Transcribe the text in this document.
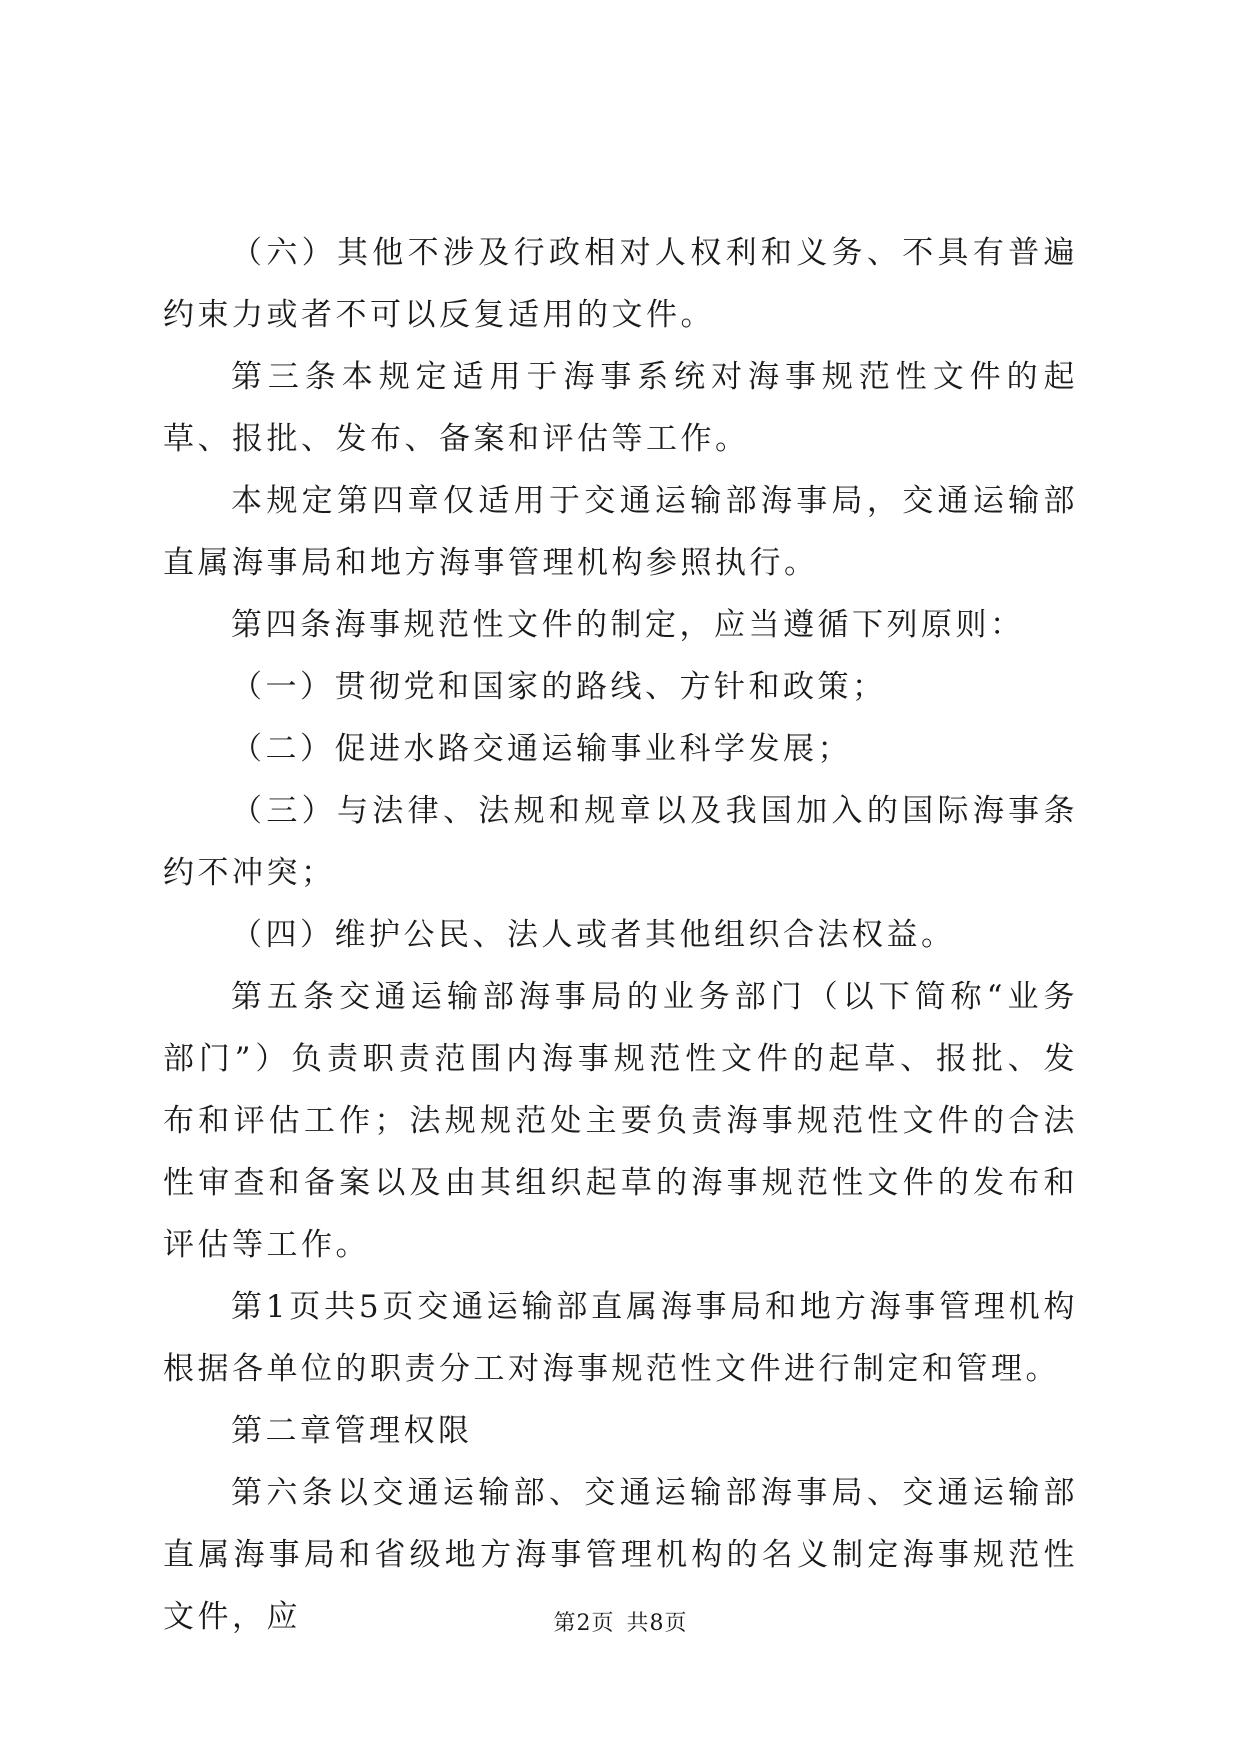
（六）其他不涉及行政相对人权利和义务、不具有普遍约束力或者不可以反复适用的文件。

第三条本规定适用于海事系统对海事规范性文件的起草、报批、发布、备案和评估等工作。

本规定第四章仅适用于交通运输部海事局，交通运输部直属海事局和地方海事管理机构参照执行。

第四条海事规范性文件的制定，应当遵循下列原则：

（一）贯彻党和国家的路线、方针和政策；

（二）促进水路交通运输事业科学发展；

（三）与法律、法规和规章以及我国加入的国际海事条约不冲突；

（四）维护公民、法人或者其他组织合法权益。

第五条交通运输部海事局的业务部门（以下简称“业务部门”）负责职责范围内海事规范性文件的起草、报批、发布和评估工作；法规规范处主要负责海事规范性文件的合法性审查和备案以及由其组织起草的海事规范性文件的发布和评估等工作。

第1页共5页交通运输部直属海事局和地方海事管理机构根据各单位的职责分工对海事规范性文件进行制定和管理。

第二章管理权限

第六条以交通运输部、交通运输部海事局、交通运输部直属海事局和省级地方海事管理机构的名义制定海事规范性文件，应	第2页 共8页
